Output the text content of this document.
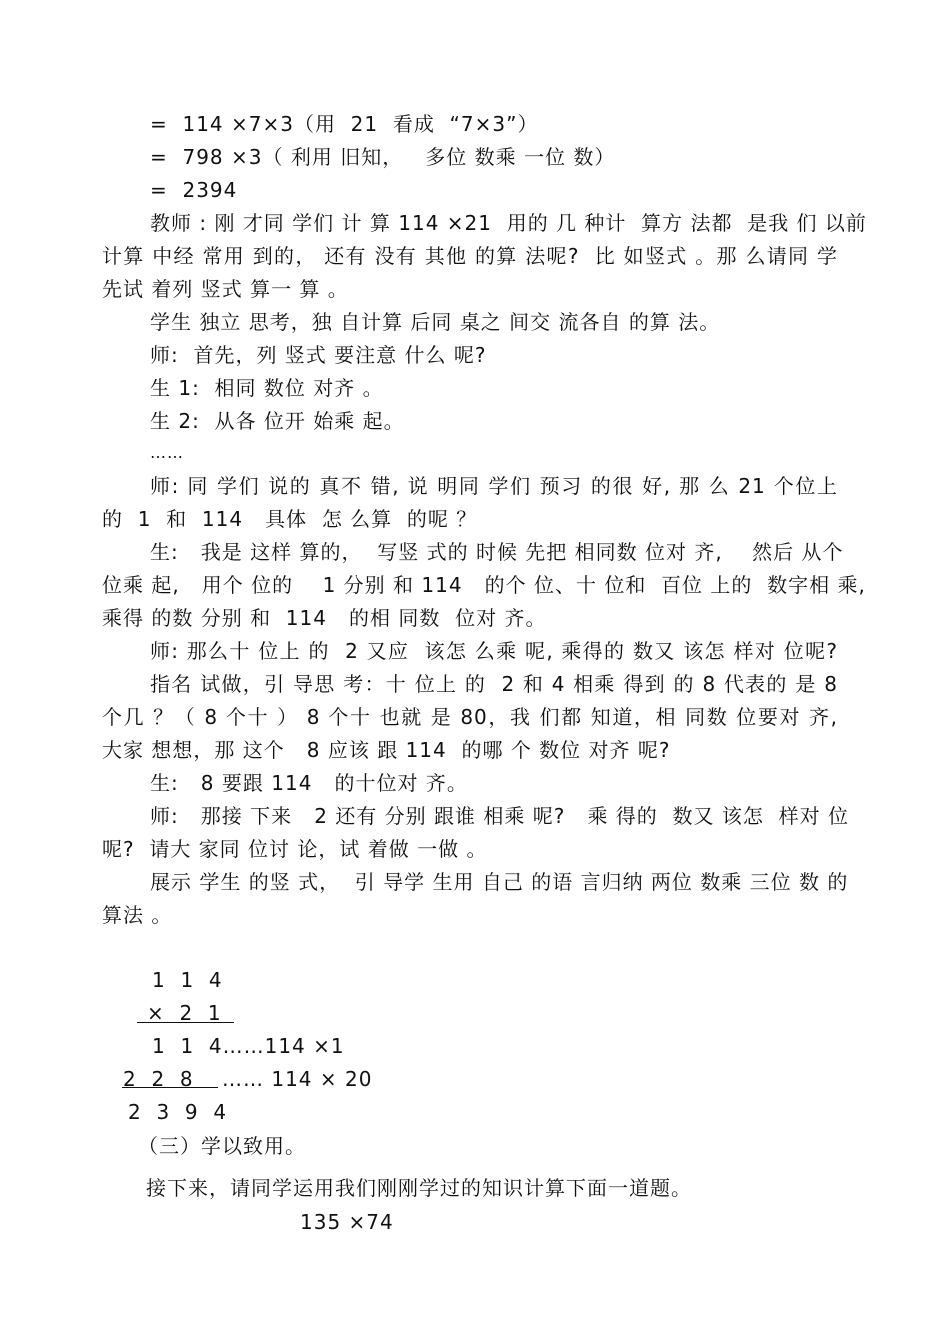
=  114 ×7×3（用  21  看成  “7×3”）
=  798 ×3（ 利用 旧知，   多位 数乘 一位 数）
=  2394
教师 : 刚 才同 学们 计 算 114 ×21  用的 几 种计  算方 法都  是我 们 以前
计算 中经 常用 到的， 还有 没有 其他 的算 法呢?  比 如竖式 。那 么请同 学
先试 着列 竖式 算一 算 。
学生 独立 思考，独 自计算 后同 桌之 间交 流各自 的算 法。
师:  首先，列 竖式 要注意 什么 呢?
生 1:  相同 数位 对齐 。
生 2:  从各 位开 始乘 起。
……
师: 同 学们 说的 真不 错, 说 明同 学们 预习 的很 好, 那 么 21 个位上
的  1  和  114   具体  怎 么算  的呢 ？
生:   我是 这样 算的，  写竖 式的 时候 先把 相同数 位对 齐,    然后 从个
位乘 起,   用个 位的    1 分别 和 114   的个 位、十 位和  百位 上的  数字相 乘,
乘得 的数 分别 和  114   的相 同数  位对 齐。
师: 那么十 位上 的  2 又应  该怎 么乘 呢, 乘得的 数又 该怎 样对 位呢?
指名 试做，引 导思 考：十 位上 的  2 和 4 相乘 得到 的 8 代表的 是 8
个几 ？（ 8 个十 ） 8 个十 也就 是 80，我 们都 知道，相 同数 位要对 齐,
大家 想想，那 这个   8 应该 跟 114  的哪 个 数位 对齐 呢?
生:   8 要跟 114   的十位对 齐。
师:   那接 下来   2 还有 分别 跟谁 相乘 呢?   乘 得的  数又 该怎  样对 位
呢?  请大 家同 位讨 论，试 着做 一做 。
展示 学生 的竖 式，  引 导学 生用 自己 的语 言归纳 两位 数乘 三位 数 的
算法 。
1  1  4
×  2  1
1  1  4……114 ×1
2  2  8 …… 114 × 20
2  3  9  4
（三）学以致用。
接下来，请同学运用我们刚刚学过的知识计算下面一道题。
135 ×74
